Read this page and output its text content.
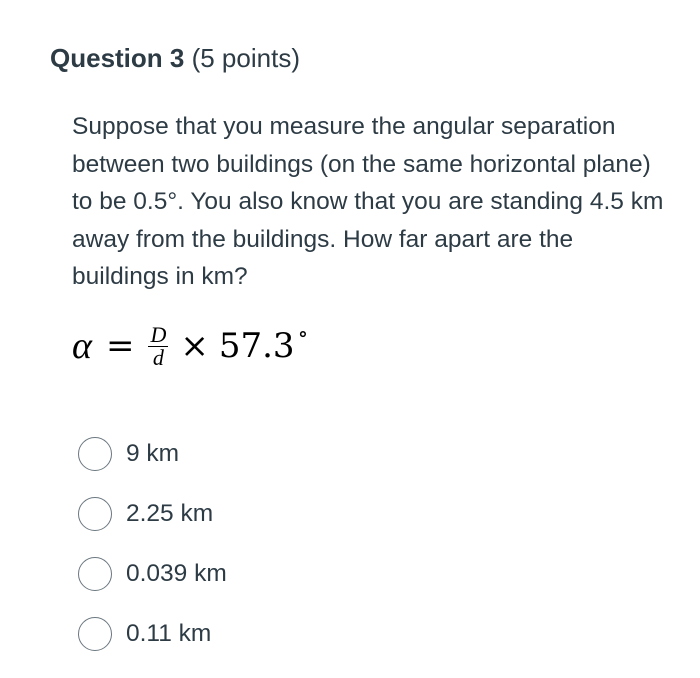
Question 3 (5 points)
Suppose that you measure the angular separation between two buildings (on the same horizontal plane) to be 0.5°. You also know that you are standing 4.5 km away from the buildings. How far apart are the buildings in km?
$\alpha = \frac{D}{d} \times 57.3$ ∘
9 km
2.25 km
0.039 km
0.11 km
